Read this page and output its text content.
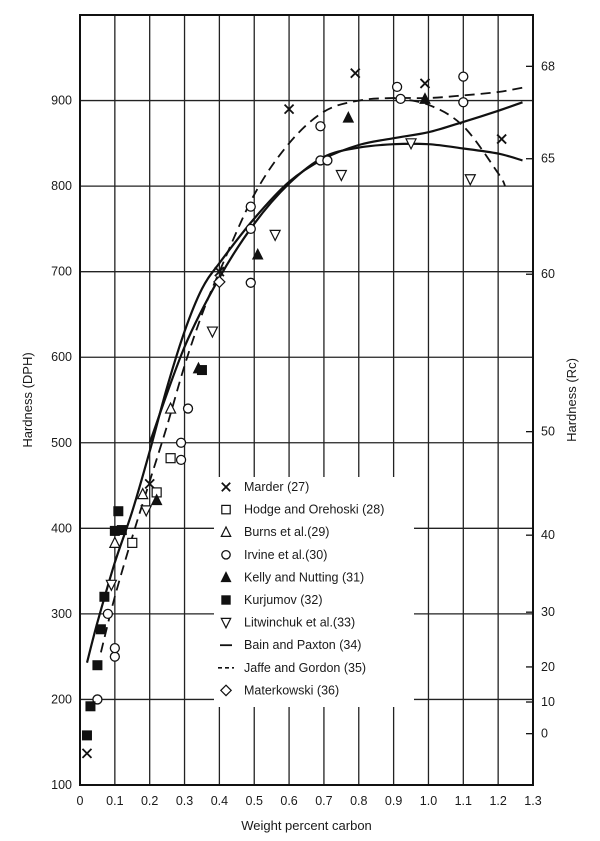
Marder (27)
Hodge and Orehoski (28)
Burns et al.(29)
Irvine et al.(30)
Kelly and Nutting (31)
Kurjumov (32)
Litwinchuk et al.(33)
Bain and Paxton (34)
Jaffe and Gordon (35)
Materkowski (36)
0 0.1 0.2 0.3 0.4 0.5 0.6 0.7 0.8 0.9 1.0 1.1 1.2 1.3
100
200
300
400
500
600
700
800
900
68
65
60
50
40
30
20
10
0
Weight percent carbon
Hardness (DPH)	Hardness (Rc)
